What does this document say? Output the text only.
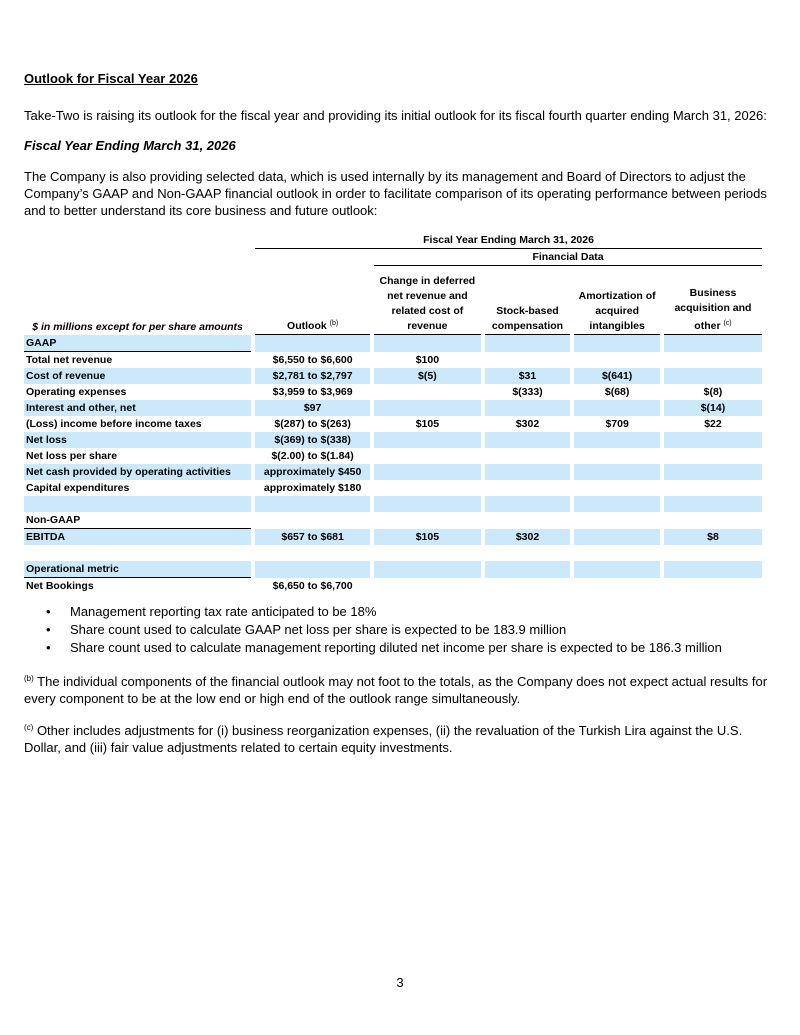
Outlook for Fiscal Year 2026
Take-Two is raising its outlook for the fiscal year and providing its initial outlook for its fiscal fourth quarter ending March 31, 2026:
Fiscal Year Ending March 31, 2026
The Company is also providing selected data, which is used internally by its management and Board of Directors to adjust the Company’s GAAP and Non-GAAP financial outlook in order to facilitate comparison of its operating performance between periods and to better understand its core business and future outlook:
	Fiscal Year Ending March 31, 2026				
		Financial Data			
$ in millions except for per share amounts	Outlook $^{(b)}$	Change in deferred net revenue and related cost of revenue	Stock-based compensation	Amortization of acquired intangibles	Business acquisition and other $^{(c)}$
GAAP					
Total net revenue	$6,550 to $6,600	$100			
Cost of revenue	$2,781 to $2,797	$(5)	$31	$(641)	
Operating expenses	$3,959 to $3,969		$(333)	$(68)	$(8)
Interest and other, net	$97				$(14)
(Loss) income before income taxes	$(287) to $(263)	$105	$302	$709	$22
Net loss	$(369) to $(338)				
Net loss per share	$(2.00) to $(1.84)				
Net cash provided by operating activities	approximately $450				
Capital expenditures	approximately $180				

Non-GAAP					
EBITDA	$657 to $681	$105	$302		$8

Operational metric					
Net Bookings	$6,650 to $6,700				
• Management reporting tax rate anticipated to be 18%
• Share count used to calculate GAAP net loss per share is expected to be 183.9 million
• Share count used to calculate management reporting diluted net income per share is expected to be 186.3 million
$^{(b)}$ The individual components of the financial outlook may not foot to the totals, as the Company does not expect actual results for every component to be at the low end or high end of the outlook range simultaneously.
$^{(c)}$ Other includes adjustments for (i) business reorganization expenses, (ii) the revaluation of the Turkish Lira against the U.S. Dollar, and (iii) fair value adjustments related to certain equity investments.
3
